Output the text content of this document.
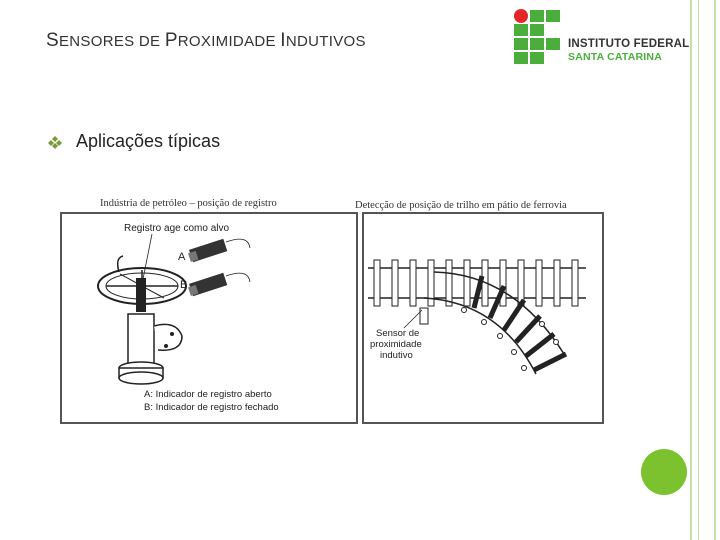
SENSORES DE PROXIMIDADE INDUTIVOS	INSTITUTO FEDERAL
SANTA CATARINA
Aplicações típicas
Indústria de petróleo – posição de registro
Registro age como alvo
A
B
A: Indicador de registro aberto
B: Indicador de registro fechado
Detecção de posição de trilho em pátio de ferrovia
Sensor de
proximidade
indutivo
